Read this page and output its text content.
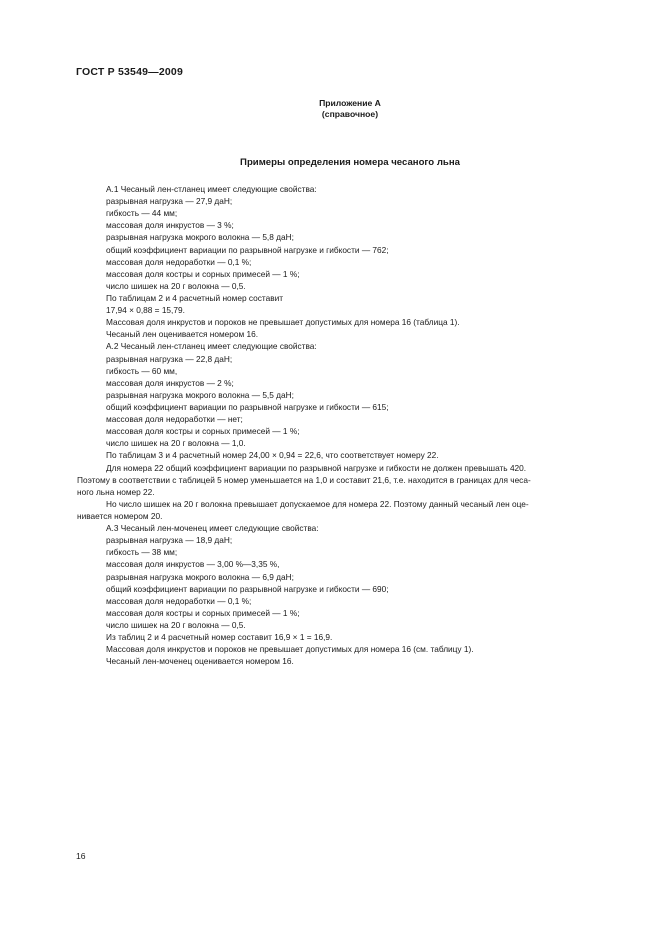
ГОСТ Р 53549—2009
Приложение А
(справочное)
Примеры определения номера чесаного льна
А.1 Чесаный лен-стланец имеет следующие свойства:
разрывная нагрузка — 27,9 даН;
гибкость — 44 мм;
массовая доля инкрустов — 3 %;
разрывная нагрузка мокрого волокна — 5,8 даН;
общий коэффициент вариации по разрывной нагрузке и гибкости — 762;
массовая доля недоработки — 0,1 %;
массовая доля костры и сорных примесей — 1 %;
число шишек на 20 г волокна — 0,5.
По таблицам 2 и 4 расчетный номер составит
17,94 × 0,88 = 15,79.
Массовая доля инкрустов и пороков не превышает допустимых для номера 16 (таблица 1).
Чесаный лен оценивается номером 16.
А.2 Чесаный лен-стланец имеет следующие свойства:
разрывная нагрузка — 22,8 даН;
гибкость — 60 мм,
массовая доля инкрустов — 2 %;
разрывная нагрузка мокрого волокна — 5,5 даН;
общий коэффициент вариации по разрывной нагрузке и гибкости — 615;
массовая доля недоработки — нет;
массовая доля костры и сорных примесей — 1 %;
число шишек на 20 г волокна — 1,0.
По таблицам 3 и 4 расчетный номер 24,00 × 0,94 = 22,6, что соответствует номеру 22.
Для номера 22 общий коэффициент вариации по разрывной нагрузке и гибкости не должен превышать 420.
Поэтому в соответствии с таблицей 5 номер уменьшается на 1,0 и составит 21,6, т.е. находится в границах для чеса-
ного льна номер 22.
Но число шишек на 20 г волокна превышает допускаемое для номера 22. Поэтому данный чесаный лен оце-
нивается номером 20.
А.3 Чесаный лен-моченец имеет следующие свойства:
разрывная нагрузка — 18,9 даН;
гибкость — 38 мм;
массовая доля инкрустов — 3,00 %—3,35 %,
разрывная нагрузка мокрого волокна — 6,9 даН;
общий коэффициент вариации по разрывной нагрузке и гибкости — 690;
массовая доля недоработки — 0,1 %;
массовая доля костры и сорных примесей — 1 %;
число шишек на 20 г волокна — 0,5.
Из таблиц 2 и 4 расчетный номер составит 16,9 × 1 = 16,9.
Массовая доля инкрустов и пороков не превышает допустимых для номера 16 (см. таблицу 1).
Чесаный лен-моченец оценивается номером 16.
16
